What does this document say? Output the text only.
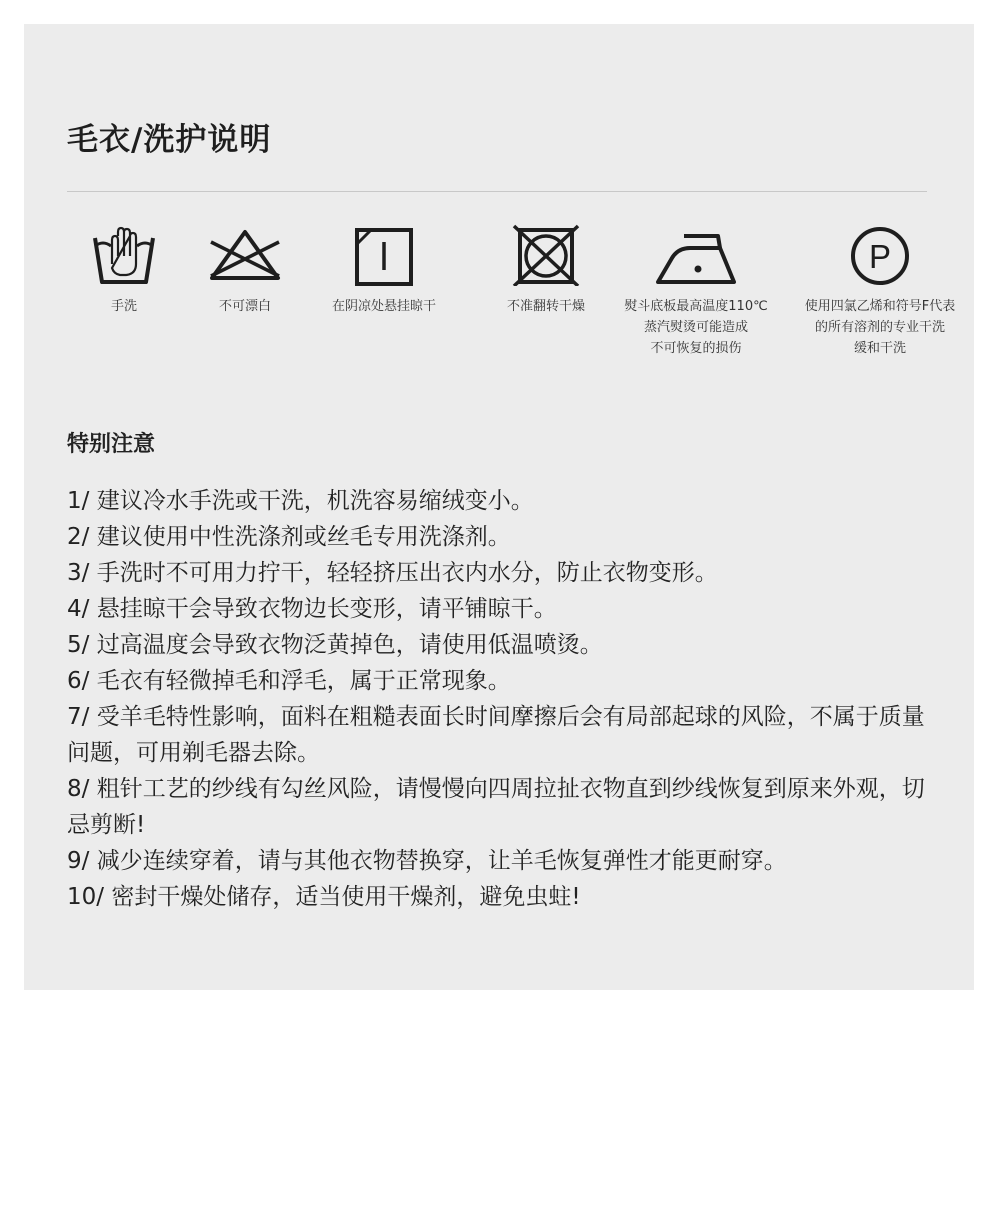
毛衣/洗护说明
手洗	不可漂白	在阴凉处悬挂晾干	不准翻转干燥	熨斗底板最高温度110℃
蒸汽熨烫可能造成
不可恢复的损伤
P
使用四氯乙烯和符号F代表
的所有溶剂的专业干洗
缓和干洗
特别注意
1/ 建议冷水手洗或干洗，机洗容易缩绒变小。
2/ 建议使用中性洗涤剂或丝毛专用洗涤剂。
3/ 手洗时不可用力拧干，轻轻挤压出衣内水分，防止衣物变形。
4/ 悬挂晾干会导致衣物边长变形，请平铺晾干。
5/ 过高温度会导致衣物泛黄掉色，请使用低温喷烫。
6/ 毛衣有轻微掉毛和浮毛，属于正常现象。
7/ 受羊毛特性影响，面料在粗糙表面长时间摩擦后会有局部起球的风险，不属于质量问题，可用剃毛器去除。
8/ 粗针工艺的纱线有勾丝风险，请慢慢向四周拉扯衣物直到纱线恢复到原来外观，切忌剪断!
9/ 减少连续穿着，请与其他衣物替换穿，让羊毛恢复弹性才能更耐穿。
10/ 密封干燥处储存，适当使用干燥剂，避免虫蛀!
